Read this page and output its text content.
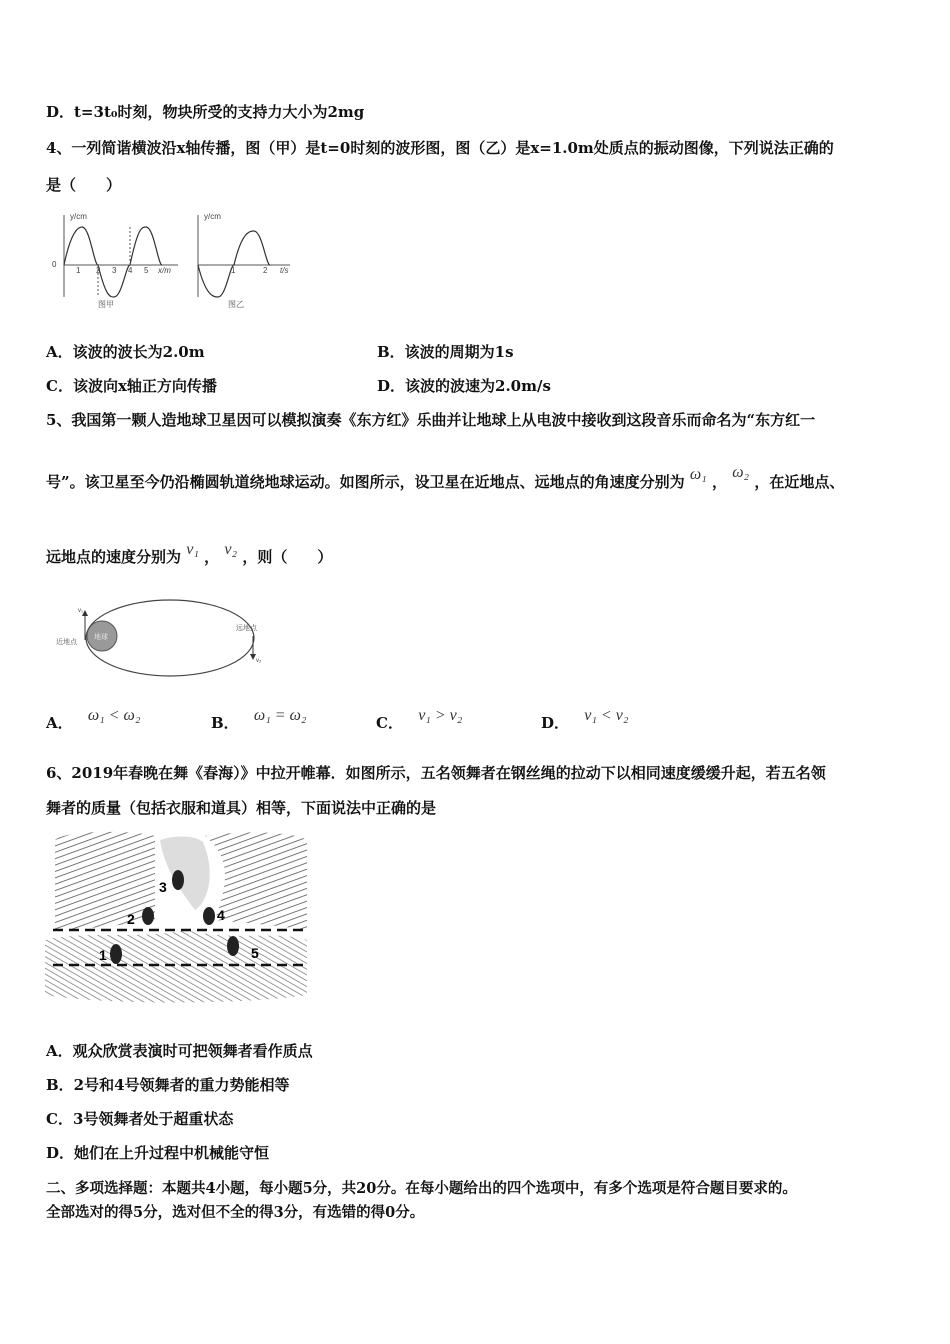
D．t=3t₀时刻，物块所受的支持力大小为2mg
4、一列简谐横波沿x轴传播，图（甲）是t=0时刻的波形图，图（乙）是x=1.0m处质点的振动图像，下列说法正确的
是（　　）
y/cm
0
1 2 3 4 5 x/m
图甲
y/cm
1	2 t/s
图乙
A．该波的波长为2.0m	B．该波的周期为1s
C．该波向x轴正方向传播	D．该波的波速为2.0m/s
5、我国第一颗人造地球卫星因可以模拟演奏《东方红》乐曲并让地球上从电波中接收到这段音乐而命名为“东方红一
号”。该卫星至今仍沿椭圆轨道绕地球运动。如图所示，设卫星在近地点、远地点的角速度分别为 ω₁ ， ω₂ ，在近地点、
远地点的速度分别为 v₁ ， v₂ ，则（　　）
地球
v₁
v₂
近地点
远地点
A． ω₁ < ω₂	B． ω₁ = ω₂	C． v₁ > v₂	D． v₁ < v₂
6、2019年春晚在舞《春海）》中拉开帷幕．如图所示，五名领舞者在钢丝绳的拉动下以相同速度缓缓升起，若五名领
舞者的质量（包括衣服和道具）相等，下面说法中正确的是
1
2
3
4
5
A．观众欣赏表演时可把领舞者看作质点
B．2号和4号领舞者的重力势能相等
C．3号领舞者处于超重状态
D．她们在上升过程中机械能守恒
二、多项选择题：本题共4小题，每小题5分，共20分。在每小题给出的四个选项中，有多个选项是符合题目要求的。
全部选对的得5分，选对但不全的得3分，有选错的得0分。
